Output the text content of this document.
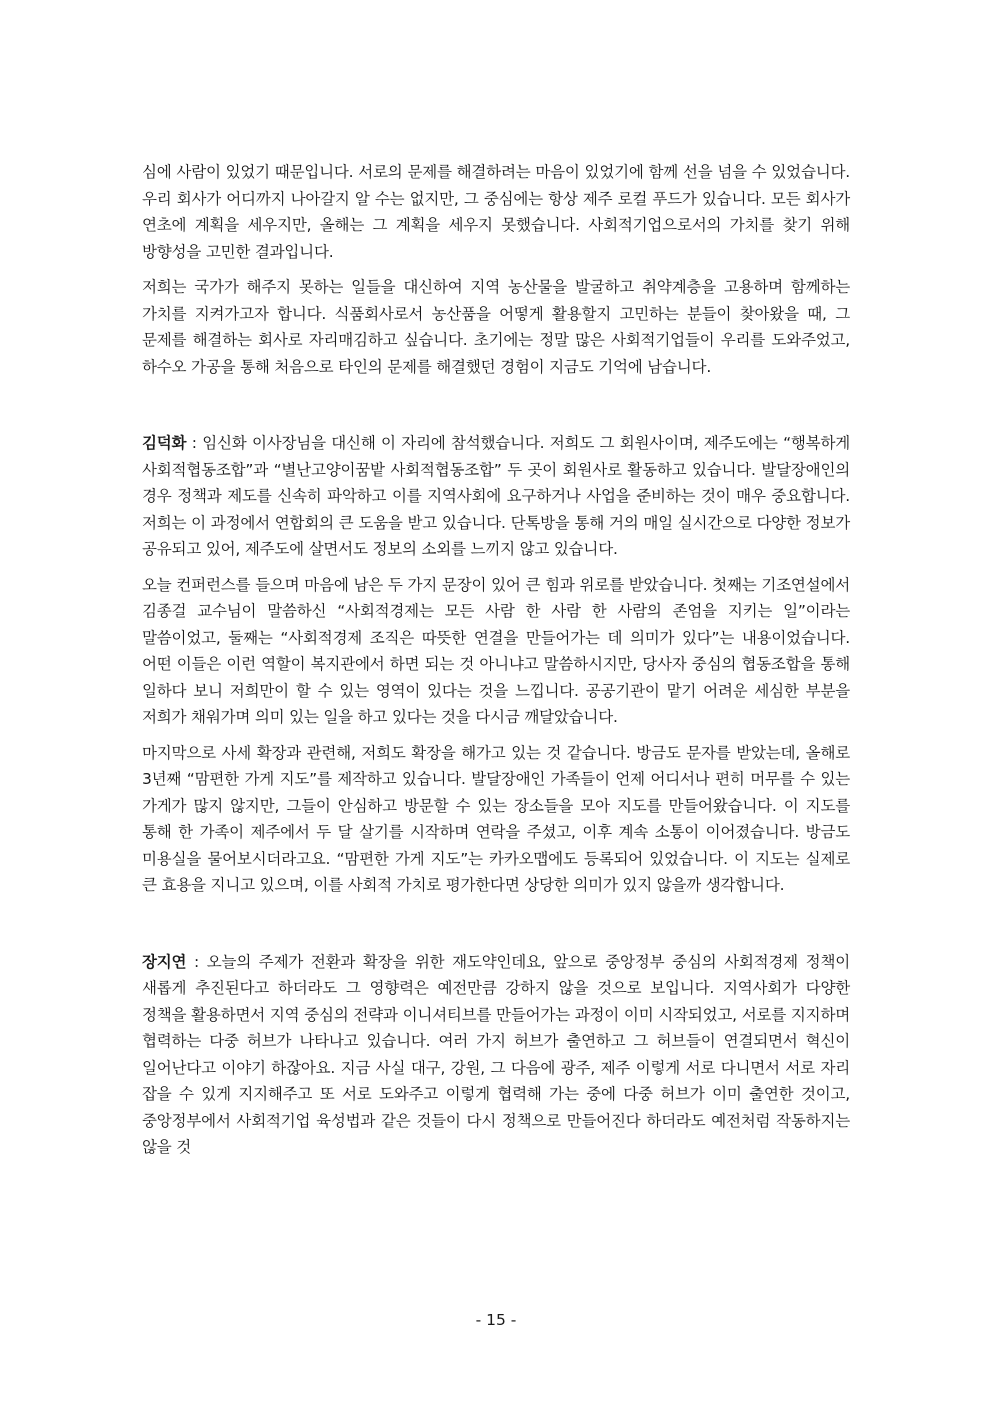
심에 사람이 있었기 때문입니다. 서로의 문제를 해결하려는 마음이 있었기에 함께 선을 넘을 수 있었습니다. 우리 회사가 어디까지 나아갈지 알 수는 없지만, 그 중심에는 항상 제주 로컬 푸드가 있습니다. 모든 회사가 연초에 계획을 세우지만, 올해는 그 계획을 세우지 못했습니다. 사회적기업으로서의 가치를 찾기 위해 방향성을 고민한 결과입니다.

저희는 국가가 해주지 못하는 일들을 대신하여 지역 농산물을 발굴하고 취약계층을 고용하며 함께하는 가치를 지켜가고자 합니다. 식품회사로서 농산품을 어떻게 활용할지 고민하는 분들이 찾아왔을 때, 그 문제를 해결하는 회사로 자리매김하고 싶습니다. 초기에는 정말 많은 사회적기업들이 우리를 도와주었고, 하수오 가공을 통해 처음으로 타인의 문제를 해결했던 경험이 지금도 기억에 남습니다.

김덕화 : 임신화 이사장님을 대신해 이 자리에 참석했습니다. 저희도 그 회원사이며, 제주도에는 “행복하게 사회적협동조합”과 “별난고양이꿈밭 사회적협동조합” 두 곳이 회원사로 활동하고 있습니다. 발달장애인의 경우 정책과 제도를 신속히 파악하고 이를 지역사회에 요구하거나 사업을 준비하는 것이 매우 중요합니다. 저희는 이 과정에서 연합회의 큰 도움을 받고 있습니다. 단톡방을 통해 거의 매일 실시간으로 다양한 정보가 공유되고 있어, 제주도에 살면서도 정보의 소외를 느끼지 않고 있습니다.

오늘 컨퍼런스를 들으며 마음에 남은 두 가지 문장이 있어 큰 힘과 위로를 받았습니다. 첫째는 기조연설에서 김종걸 교수님이 말씀하신 “사회적경제는 모든 사람 한 사람 한 사람의 존엄을 지키는 일”이라는 말씀이었고, 둘째는 “사회적경제 조직은 따뜻한 연결을 만들어가는 데 의미가 있다”는 내용이었습니다. 어떤 이들은 이런 역할이 복지관에서 하면 되는 것 아니냐고 말씀하시지만, 당사자 중심의 협동조합을 통해 일하다 보니 저희만이 할 수 있는 영역이 있다는 것을 느낍니다. 공공기관이 맡기 어려운 세심한 부분을 저희가 채워가며 의미 있는 일을 하고 있다는 것을 다시금 깨달았습니다.

마지막으로 사세 확장과 관련해, 저희도 확장을 해가고 있는 것 같습니다. 방금도 문자를 받았는데, 올해로 3년째 “맘편한 가게 지도”를 제작하고 있습니다. 발달장애인 가족들이 언제 어디서나 편히 머무를 수 있는 가게가 많지 않지만, 그들이 안심하고 방문할 수 있는 장소들을 모아 지도를 만들어왔습니다. 이 지도를 통해 한 가족이 제주에서 두 달 살기를 시작하며 연락을 주셨고, 이후 계속 소통이 이어졌습니다. 방금도 미용실을 물어보시더라고요. “맘편한 가게 지도”는 카카오맵에도 등록되어 있었습니다. 이 지도는 실제로 큰 효용을 지니고 있으며, 이를 사회적 가치로 평가한다면 상당한 의미가 있지 않을까 생각합니다.

장지연 : 오늘의 주제가 전환과 확장을 위한 재도약인데요, 앞으로 중앙정부 중심의 사회적경제 정책이 새롭게 추진된다고 하더라도 그 영향력은 예전만큼 강하지 않을 것으로 보입니다. 지역사회가 다양한 정책을 활용하면서 지역 중심의 전략과 이니셔티브를 만들어가는 과정이 이미 시작되었고, 서로를 지지하며 협력하는 다중 허브가 나타나고 있습니다. 여러 가지 허브가 출연하고 그 허브들이 연결되면서 혁신이 일어난다고 이야기 하잖아요. 지금 사실 대구, 강원, 그 다음에 광주, 제주 이렇게 서로 다니면서 서로 자리 잡을 수 있게 지지해주고 또 서로 도와주고 이렇게 협력해 가는 중에 다중 허브가 이미 출연한 것이고, 중앙정부에서 사회적기업 육성법과 같은 것들이 다시 정책으로 만들어진다 하더라도 예전처럼 작동하지는 않을 것

- 15 -
